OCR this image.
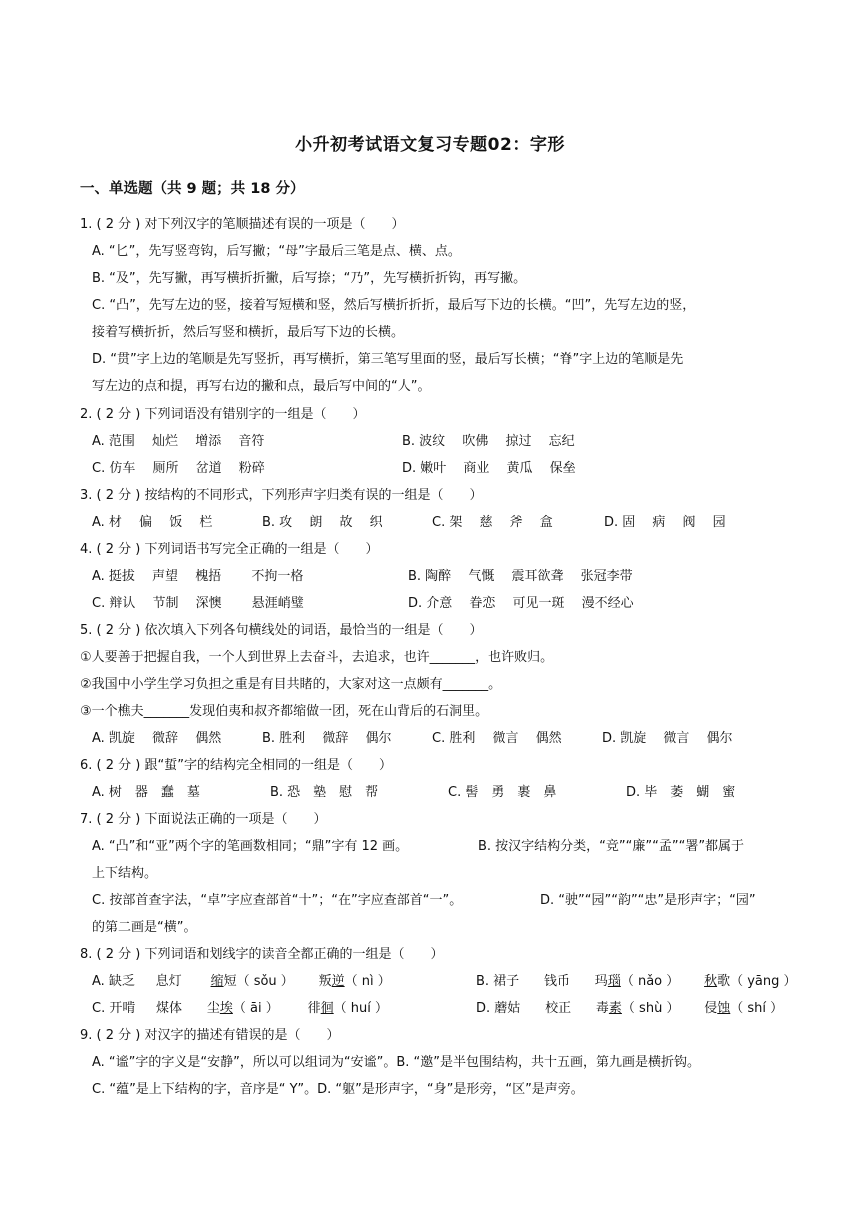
小升初考试语文复习专题02：字形
一、单选题（共 9 题；共 18 分）
1. ( 2 分 ) 对下列汉字的笔顺描述有误的一项是（　　）
A. “匕”，先写竖弯钩，后写撇；“母”字最后三笔是点、横、点。
B. “及”，先写撇，再写横折折撇，后写捺；“乃”，先写横折折钩，再写撇。
C. “凸”，先写左边的竖，接着写短横和竖，然后写横折折折，最后写下边的长横。“凹”，先写左边的竖，
接着写横折折，然后写竖和横折，最后写下边的长横。
D. “贯”字上边的笔顺是先写竖折，再写横折，第三笔写里面的竖，最后写长横；“脊”字上边的笔顺是先
写左边的点和提，再写右边的撇和点，最后写中间的“人”。
2. ( 2 分 ) 下列词语没有错别字的一组是（　　）
A. 范围　 灿烂　 增添　 音符	B. 波纹　 吹佛　 掠过　 忘纪
C. 仿车　 厕所　 岔道　 粉碎	D. 嫩叶　 商业　 黄瓜　 保垒
3. ( 2 分 ) 按结构的不同形式，下列形声字归类有误的一组是（　　）
A. 材　 偏　 饭　 栏	B. 攻　 朗　 故　 织	C. 架　 慈　 斧　 盒	D. 固　 病　 阀　 园
4. ( 2 分 ) 下列词语书写完全正确的一组是（　　）
A. 挺拔　 声望　 槐捂　　 不拘一格	B. 陶醉　 气慨　 震耳欲聋　 张冠李带
C. 辩认　 节制　 深懊　　 悬涯峭璧	D. 介意　 眷恋　 可见一斑　 漫不经心
5. ( 2 分 ) 依次填入下列各句横线处的词语，最恰当的一组是（　　）
①人要善于把握自我，一个人到世界上去奋斗，去追求，也许_______，也许败归。
②我国中小学生学习负担之重是有目共睹的，大家对这一点颇有_______。
③一个樵夫_______发现伯夷和叔齐都缩做一团，死在山背后的石洞里。
A. 凯旋　 微辞　 偶然	B. 胜利　 微辞　 偶尔	C. 胜利　 微言　 偶然	D. 凯旋　 微言　 偶尔
6. ( 2 分 ) 跟“蜇”字的结构完全相同的一组是（　　）
A. 树　器　蠢　墓	B. 恐　塾　慰　帮	C. 髻　勇　裹　鼻	D. 毕　萎　蝴　蜜
7. ( 2 分 ) 下面说法正确的一项是（　　）
A. “凸”和“亚”两个字的笔画数相同；“鼎”字有 12 画。	B. 按汉字结构分类，“竞”“廉”“孟”“署”都属于
上下结构。
C. 按部首查字法，“卓”字应查部首“十”；“在”字应查部首“一”。	D. “驶”“园”“韵”“忠”是形声字；“园”
的第二画是“横”。
8. ( 2 分 ) 下列词语和划线字的读音全都正确的一组是（　　）
A. 缺乏 息灯 缩短（ sǒu ） 叛逆（ nì ）	B. 裙子 钱币 玛瑙（ nǎo ） 秋歌（ yāng ）
C. 开啃 煤体 尘埃（ āi ） 徘徊（ huí ）	D. 蘑姑 校正 毒素（ shù ） 侵蚀（ shí ）
9. ( 2 分 ) 对汉字的描述有错误的是（　　）
A. “谧”字的字义是“安静”，所以可以组词为“安谧”。B. “邀”是半包围结构，共十五画，第九画是横折钩。
C. “蕴”是上下结构的字，音序是“ Y”。D. “躯”是形声字，“身”是形旁，“区”是声旁。
